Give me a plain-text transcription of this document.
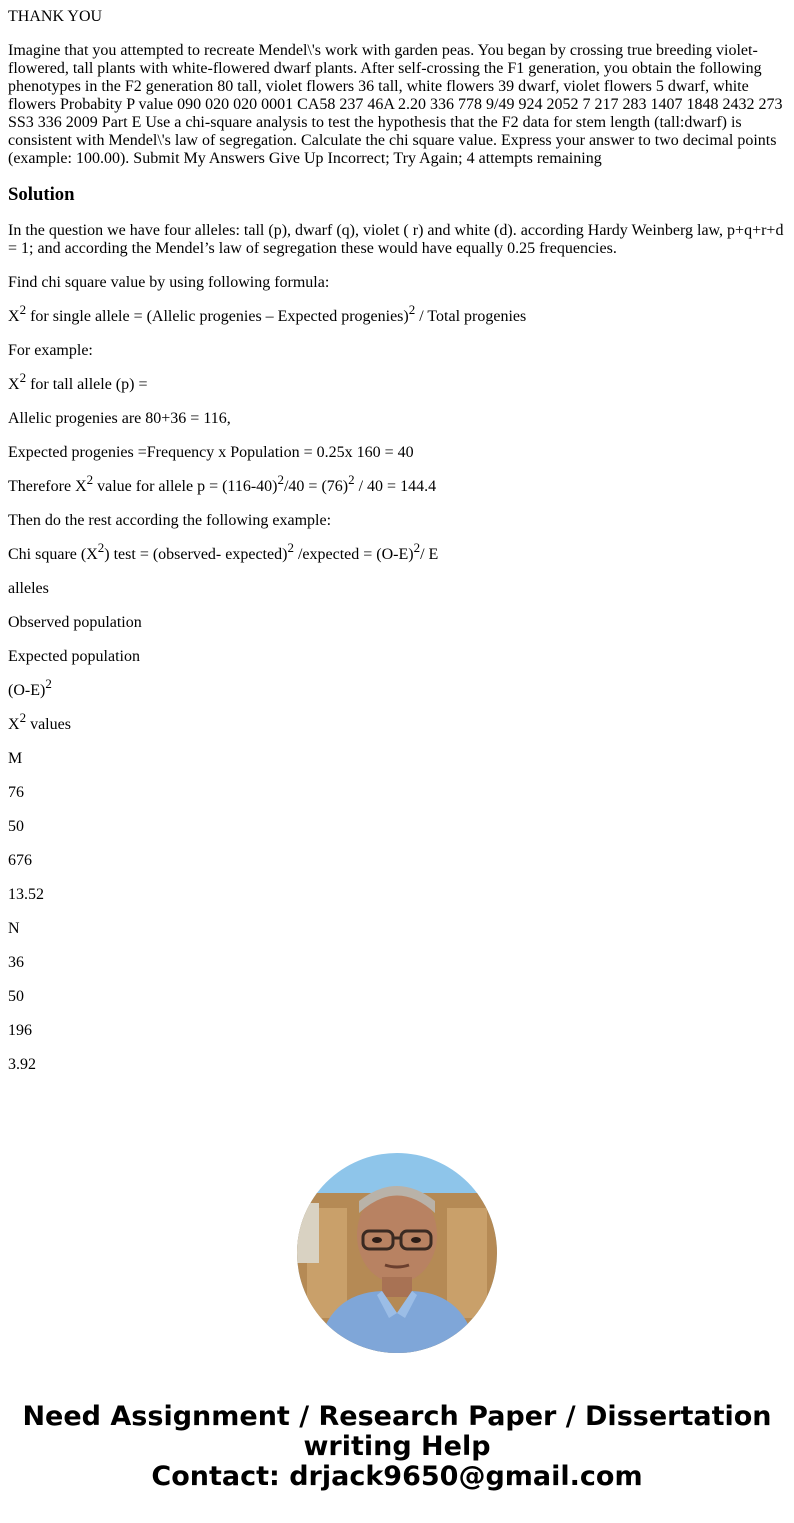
THANK YOU

Imagine that you attempted to recreate Mendel\'s work with garden peas. You began by crossing true breeding violet-flowered, tall plants with white-flowered dwarf plants. After self-crossing the F1 generation, you obtain the following phenotypes in the F2 generation 80 tall, violet flowers 36 tall, white flowers 39 dwarf, violet flowers 5 dwarf, white flowers Probabity P value 090 020 020 0001 CA58 237 46A 2.20 336 778 9/49 924 2052 7 217 283 1407 1848 2432 273 SS3 336 2009 Part E Use a chi-square analysis to test the hypothesis that the F2 data for stem length (tall:dwarf) is consistent with Mendel\'s law of segregation. Calculate the chi square value. Express your answer to two decimal points (example: 100.00). Submit My Answers Give Up Incorrect; Try Again; 4 attempts remaining

Solution

In the question we have four alleles: tall (p), dwarf (q), violet ( r) and white (d). according Hardy Weinberg law, p+q+r+d = 1; and according the Mendel’s law of segregation these would have equally 0.25 frequencies.

Find chi square value by using following formula:

$X^2$ for single allele = (Allelic progenies – Expected progenies)$^2$ / Total progenies

For example:

$X^2$ for tall allele (p) =

Allelic progenies are 80+36 = 116,

Expected progenies =Frequency x Population = 0.25x 160 = 40

Therefore $X^2$ value for allele $p = (116-40)^2/40 = (76)^2 / 40 = 144.4$

Then do the rest according the following example:

Chi square $(X^2)$ test = (observed- expected)$^2$ /expected = $(O-E)^2/$ E

alleles

Observed population

Expected population

$(O-E)^2$

$X^2$ values

M

76

50

676

13.52

N

36

50

196

3.92

Need Assignment / Research Paper / Dissertation
writing Help
Contact: drjack9650@gmail.com
